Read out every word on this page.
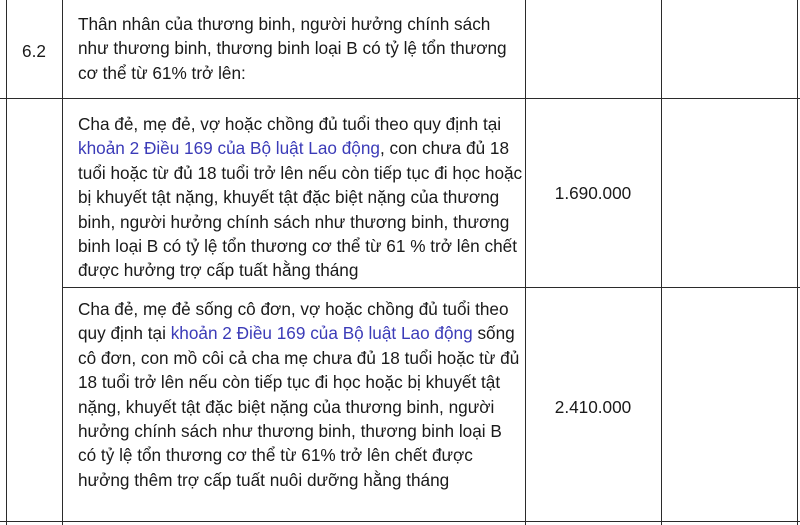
6.2
Thân nhân của thương binh, người hưởng chính sách như thương binh, thương binh loại B có tỷ lệ tổn thương cơ thể từ 61% trở lên:
Cha đẻ, mẹ đẻ, vợ hoặc chồng đủ tuổi theo quy định tại khoản 2 Điều 169 của Bộ luật Lao động, con chưa đủ 18 tuổi hoặc từ đủ 18 tuổi trở lên nếu còn tiếp tục đi học hoặc bị khuyết tật nặng, khuyết tật đặc biệt nặng của thương binh, người hưởng chính sách như thương binh, thương binh loại B có tỷ lệ tổn thương cơ thể từ 61 % trở lên chết được hưởng trợ cấp tuất hằng tháng
1.690.000
Cha đẻ, mẹ đẻ sống cô đơn, vợ hoặc chồng đủ tuổi theo quy định tại khoản 2 Điều 169 của Bộ luật Lao động sống cô đơn, con mồ côi cả cha mẹ chưa đủ 18 tuổi hoặc từ đủ 18 tuổi trở lên nếu còn tiếp tục đi học hoặc bị khuyết tật nặng, khuyết tật đặc biệt nặng của thương binh, người hưởng chính sách như thương binh, thương binh loại B có tỷ lệ tổn thương cơ thể từ 61% trở lên chết được hưởng thêm trợ cấp tuất nuôi dưỡng hằng tháng
2.410.000
